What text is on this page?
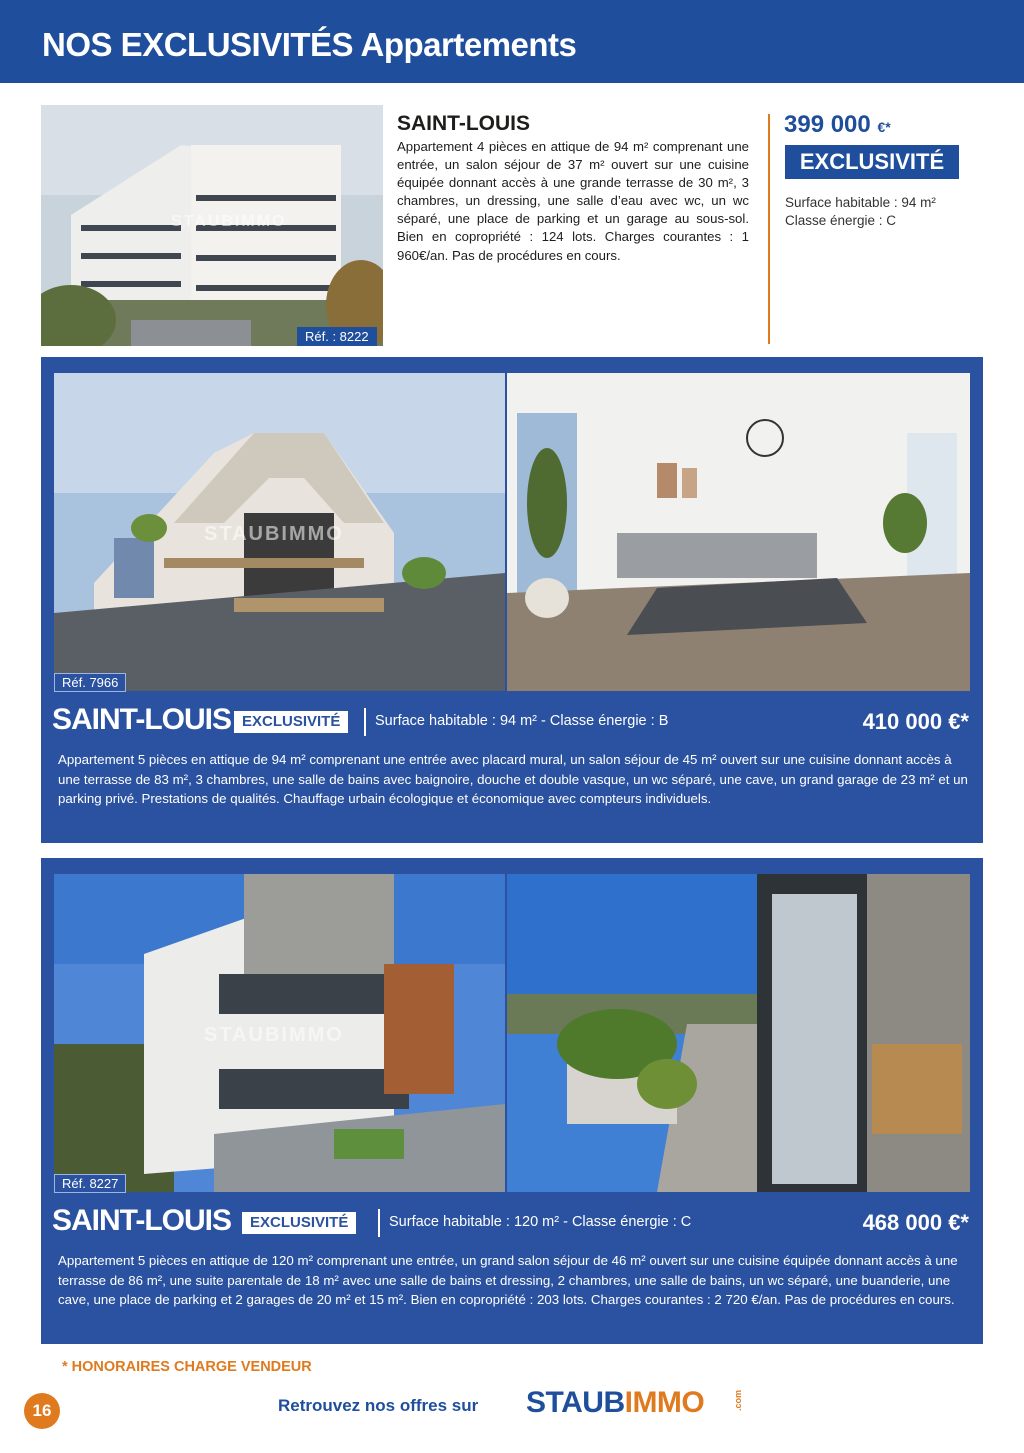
NOS EXCLUSIVITÉS Appartements
STAUBIMMO
Réf. : 8222
SAINT-LOUIS

Appartement 4 pièces en attique de 94 m² comprenant une entrée, un salon séjour de 37 m² ouvert sur une cuisine équipée donnant accès à une grande terrasse de 30 m², 3 chambres, un dressing, une salle d’eau avec wc, un wc séparé, une place de parking et un garage au sous-sol. Bien en copropriété : 124 lots. Charges courantes : 1 960€/an. Pas de procédures en cours.

399 000 €*
EXCLUSIVITÉ
Surface habitable : 94 m²
Classe énergie : C
STAUBIMMO
Réf. 7966
SAINT-LOUIS EXCLUSIVITÉ	Surface habitable : 94 m² - Classe énergie : B	410 000 €*

Appartement 5 pièces en attique de 94 m² comprenant une entrée avec placard mural, un salon séjour de 45 m² ouvert sur une cuisine donnant accès à une terrasse de 83 m², 3 chambres, une salle de bains avec baignoire, douche et double vasque, un wc séparé, une cave, un grand garage de 23 m² et un parking privé. Prestations de qualités. Chauffage urbain écologique et économique avec compteurs individuels.

STAUBIMMO
Réf. 8227
SAINT-LOUIS	EXCLUSIVITÉ	Surface habitable : 120 m² - Classe énergie : C	468 000 €*

Appartement 5 pièces en attique de 120 m² comprenant une entrée, un grand salon séjour de 46 m² ouvert sur une cuisine équipée donnant accès à une terrasse de 86 m², une suite parentale de 18 m² avec une salle de bains et dressing, 2 chambres, une salle de bains, un wc séparé, une buanderie, une cave, une place de parking et 2 garages de 20 m² et 15 m². Bien en copropriété : 203 lots. Charges courantes : 2 720 €/an. Pas de procédures en cours.

* HONORAIRES CHARGE VENDEUR
16	Retrouvez nos offres sur STAUBIMMO	.com
